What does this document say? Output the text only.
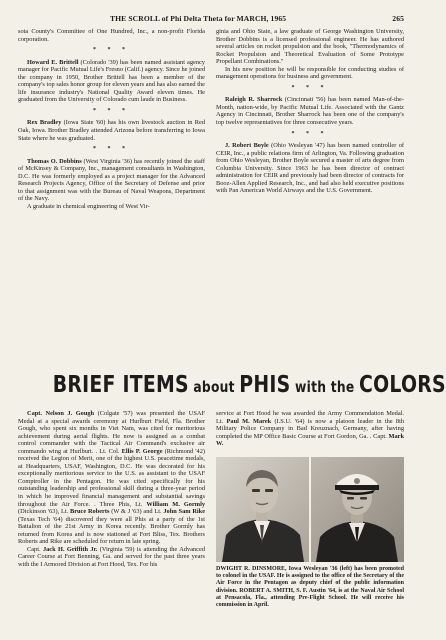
THE SCROLL of Phi Delta Theta for MARCH, 1965	265

sota County's Committee of One Hundred, Inc., a non-profit Florida corporation.

* * *

Howard E. Brittell (Colorado '39) has been named assistant agency manager for Pacific Mutual Life's Fresno (Calif.) agency. Since he joined the company in 1950, Brother Brittell has been a member of the company's top sales honor group for eleven years and has also earned the life insurance industry's National Quality Award eleven times. He graduated from the University of Colorado cum laude in Business.

* * *

Rex Bradley (Iowa State '60) has his own livestock auction in Red Oak, Iowa. Brother Bradley attended Arizona before transferring to Iowa State where he was graduated.

* * *

Thomas O. Dobbins (West Virginia '36) has recently joined the staff of McKinsey & Company, Inc., management consultants in Washington, D.C. He was formerly employed as a project manager for the Advanced Research Projects Agency, Office of the Secretary of Defense and prior to that assignment was with the Bureau of Naval Weapons, Department of the Navy.

A graduate in chemical engineering of West Vir-

ginia and Ohio State, a law graduate of George Washington University, Brother Dobbins is a licensed professional engineer. He has authored several articles on rocket propulsion and the book, "Thermodynamics of Rocket Propulsion and Theoretical Evaluation of Some Prototype Propellant Combinations."

In his new position he will be responsible for conducting studies of management operations for business and government.

* * *

Raleigh R. Sharrock (Cincinnati '56) has been named Man-of-the-Month, nation-wide, by Pacific Mutual Life. Associated with the Gantz Agency in Cincinnati, Brother Sharrock has been one of the company's top twelve representatives for three consecutive years.

* * *

J. Robert Boyle (Ohio Wesleyan '47) has been named controller of CEIR, Inc., a public relations firm of Arlington, Va. Following graduation from Ohio Wesleyan, Brother Boyle secured a master of arts degree from Columbia University. Since 1963 he has been director of contract administration for CEIR and previously had been director of contracts for Booz-Allen Applied Research, Inc., and had also held executive positions with Pan American World Airways and the U.S. Government.

BRIEF ITEMS about PHIS with the COLORS

Capt. Nelson J. Gough (Colgate '57) was presented the USAF Medal at a special awards ceremony at Hurlburt Field, Fla. Brother Gough, who spent six months in Viet Nam, was cited for meritorious achievement during aerial flights. He now is assigned as a combat control commander with the Tactical Air Command's exclusive air commando wing at Hurlburt. . Lt. Col. Ellis P. George (Richmond '42) received the Legion of Merit, one of the highest U.S. peacetime medals, at Headquarters, USAF, Washington, D.C. He was decorated for his exceptionally meritorious service to the U.S. as assistant to the USAF Comptroller in the Pentagon. He was cited specifically for his outstanding leadership and professional skill during a three-year period in which he improved financial management and substantial savings throughout the Air Force. . Three Phis, Lt. William M. Gormly (Dickinson '63), Lt. Bruce Roberts (W & J '63) and Lt. John Sam Rike (Texas Tech '64) discovered they were all Phis at a party of the 1st Battalion of the 21st Army in Korea recently. Brother Gormly has returned from Korea and is now stationed at Fort Bliss, Tex. Brothers Roberts and Rike are scheduled for return in late spring.

Capt. Jack H. Griffith Jr. (Virginia '59) is attending the Advanced Career Course at Fort Benning, Ga. and served for the past three years with the I Armored Division at Fort Hood, Tex. For his

service at Fort Hood he was awarded the Army Commendation Medal. Lt. Paul M. Marek (I.S.U. '64) is now a platoon leader in the 8th Military Police Company in Bad Kreuznach, Germany, after having completed the MP Office Basic Course at Fort Gordon, Ga. . Capt. Mark W.

DWIGHT R. DINSMORE, Iowa Wesleyan '36 (left) has been promoted to colonel in the USAF. He is assigned to the office of the Secretary of the Air Force in the Pentagon as deputy chief of the public information division. ROBERT A. SMITH, S. F. Austin '64, is at the Naval Air School at Pensacola, Fla., attending Pre-Flight School. He will receive his commission in April.
